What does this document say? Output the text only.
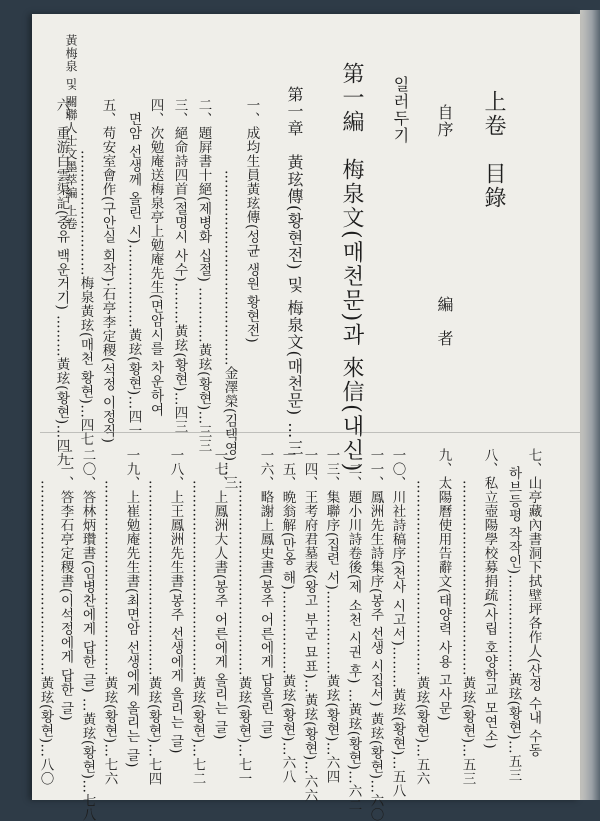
黃梅泉 및 關聯人士文墨萃編 上卷	上卷　目錄
自序
編　者
일러두기
第一編　梅泉文(매천문)과 來信(내신)
第一章　黃玹傳(황현전) 및 梅泉文(매천문) …三
一、成均生員黃玹傳(성균 생원 황현전)
……………………………………金澤榮(김택영)…三
二、題屛書十絕(제병화 십절) …………黃玹(황현)…三三
三、絕命詩四首(절명시 사수)………黃玹(황현)…四三
四、次勉庵送梅泉亭上勉庵先生(면암시를 차운하여
면암 선생께 올린 시)………………黃玹(황현)…四一
五、苟安室會作(구안실 회작)·石亭李定稷(석정 이정직)
………………………梅泉黃玹(매천 황현)…四七
六、重游白雲渠記(중유 백운거기) ………黃玹(황현)…四九
七、山亭藏內書洞下拭壁坪各作人(산정 수내 수동
하브등평 작작인)…………………黃玹(황현)…五三
八、私立壺陽學校募捐疏(사립 호양학교 모연소)
……………………………………黃玹(황현)…五三
九、太陽曆使用告辭文(태양력 사용 고사문)
……………………………………黃玹(황현)…五六
一〇、川社詩稿序(천사 시고서)………黃玹(황현)…五八
一一、鳳洲先生詩集序(봉주 선생 시집서) 黃玹(황현)…六〇
一二、題小川詩卷後(제 소천 시권 후) …黃玹(황현)…六二
一三、集聯序(집련 서)………………黃玹(황현)…六四
一四、王考府君墓表(왕고 부군 묘표)…黃玹(황현)…六六
一五、晩翁解(만옹 해)………………黃玹(황현)…六八
一六、略謝上鳳史書(봉주 어른에게 답올린 글)
……………………………………黃玹(황현)…七一
一七、上鳳洲大人書(봉주 어른에게 올리는 글)
……………………………………黃玹(황현)…七二
一八、上王鳳洲先生書(봉주 선생에게 올리는 글)
……………………………………黃玹(황현)…七四
一九、上崔勉庵先生書(최면암 선생에게 올리는 글)
……………………………………黃玹(황현)…七六
二〇、答林炳瓚書(임병찬에게 답한 글) …黃玹(황현)…七八
二一、答李石亭定稷書(이석정에게 답한 글)
……………………………………黃玹(황현)…八〇
